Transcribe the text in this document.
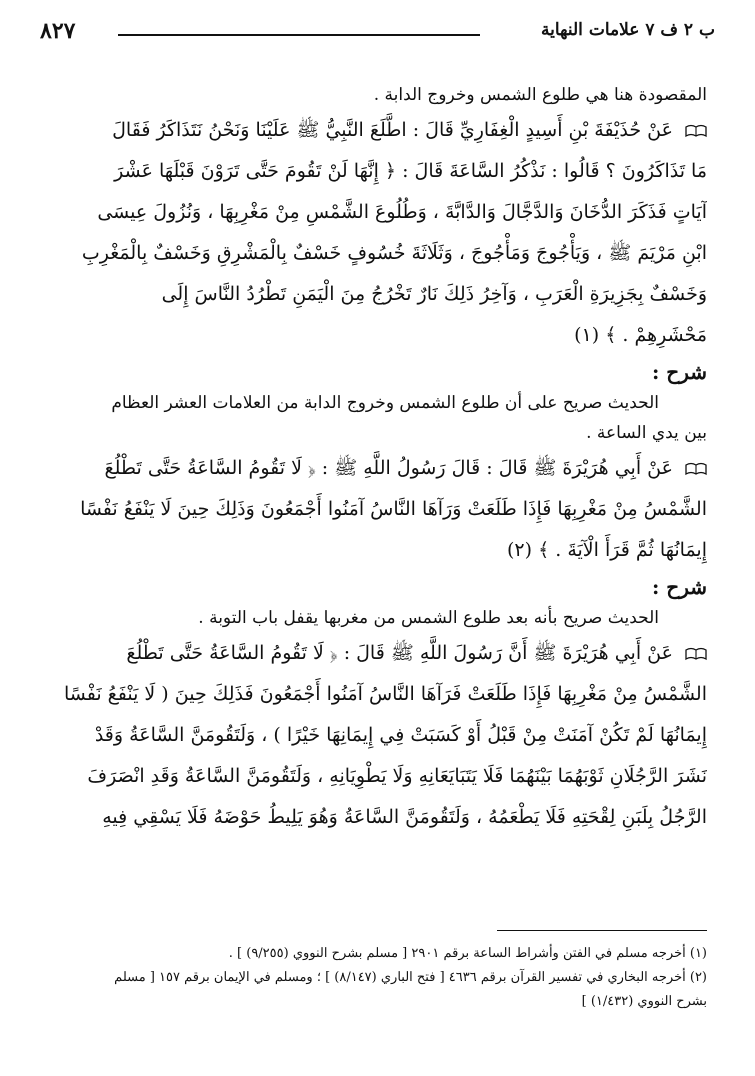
٨٢٧	ب ٢ ف ٧ علامات النهاية

المقصودة هنا هي طلوع الشمس وخروج الدابة .

عَنْ حُذَيْفَةَ بْنِ أَسِيدٍ الْغِفَارِيِّ قَالَ : اطَّلَعَ النَّبِيُّ ﷺ عَلَيْنَا وَنَحْنُ نَتَذَاكَرُ فَقَالَ

مَا تَذَاكَرُونَ ؟ قَالُوا : نَذْكُرُ السَّاعَةَ قَالَ : ﴿ إِنَّهَا لَنْ تَقُومَ حَتَّى تَرَوْنَ قَبْلَهَا عَشْرَ

آيَاتٍ فَذَكَرَ الدُّخَانَ وَالدَّجَّالَ وَالدَّابَّةَ ، وَطُلُوعَ الشَّمْسِ مِنْ مَغْرِبِهَا ، وَنُزُولَ عِيسَى

ابْنِ مَرْيَمَ ﷺ ، وَيَأْجُوجَ وَمَأْجُوجَ ، وَثَلَاثَةَ خُسُوفٍ خَسْفٌ بِالْمَشْرِقِ وَخَسْفٌ بِالْمَغْرِبِ

وَخَسْفٌ بِجَزِيرَةِ الْعَرَبِ ، وَآخِرُ ذَلِكَ نَارٌ تَخْرُجُ مِنَ الْيَمَنِ تَطْرُدُ النَّاسَ إِلَى

مَحْشَرِهِمْ . ﴾ (١)

شرح :

الحديث صريح على أن طلوع الشمس وخروج الدابة من العلامات العشر العظام

بين يدي الساعة .

عَنْ أَبِي هُرَيْرَةَ ﷺ قَالَ : قَالَ رَسُولُ اللَّهِ ﷺ : ﴿ لَا تَقُومُ السَّاعَةُ حَتَّى تَطْلُعَ

الشَّمْسُ مِنْ مَغْرِبِهَا فَإِذَا طَلَعَتْ وَرَآهَا النَّاسُ آمَنُوا أَجْمَعُونَ وَذَلِكَ حِينَ لَا يَنْفَعُ نَفْسًا

إِيمَانُهَا ثُمَّ قَرَأَ الْآيَةَ . ﴾ (٢)

شرح :

الحديث صريح بأنه بعد طلوع الشمس من مغربها يقفل باب التوبة .

عَنْ أَبِي هُرَيْرَةَ ﷺ أَنَّ رَسُولَ اللَّهِ ﷺ قَالَ : ﴿ لَا تَقُومُ السَّاعَةُ حَتَّى تَطْلُعَ

الشَّمْسُ مِنْ مَغْرِبِهَا فَإِذَا طَلَعَتْ فَرَآهَا النَّاسُ آمَنُوا أَجْمَعُونَ فَذَلِكَ حِينَ ( لَا يَنْفَعُ نَفْسًا

إِيمَانُهَا لَمْ تَكُنْ آمَنَتْ مِنْ قَبْلُ أَوْ كَسَبَتْ فِي إِيمَانِهَا خَيْرًا ) ، وَلَتَقُومَنَّ السَّاعَةُ وَقَدْ

نَشَرَ الرَّجُلَانِ ثَوْبَهُمَا بَيْنَهُمَا فَلَا يَتَبَايَعَانِهِ وَلَا يَطْوِيَانِهِ ، وَلَتَقُومَنَّ السَّاعَةُ وَقَدِ انْصَرَفَ

الرَّجُلُ بِلَبَنِ لِقْحَتِهِ فَلَا يَطْعَمُهُ ، وَلَتَقُومَنَّ السَّاعَةُ وَهُوَ يَلِيطُ حَوْضَهُ فَلَا يَسْقِي فِيهِ

(١) أخرجه مسلم في الفتن وأشراط الساعة برقم ٢٩٠١ [ مسلم بشرح النووي (٩/٢٥٥) ] .

(٢) أخرجه البخاري في تفسير القرآن برقم ٤٦٣٦ [ فتح الباري (٨/١٤٧) ] ؛ ومسلم في الإيمان برقم ١٥٧ [ مسلم

بشرح النووي (١/٤٣٢) ]
